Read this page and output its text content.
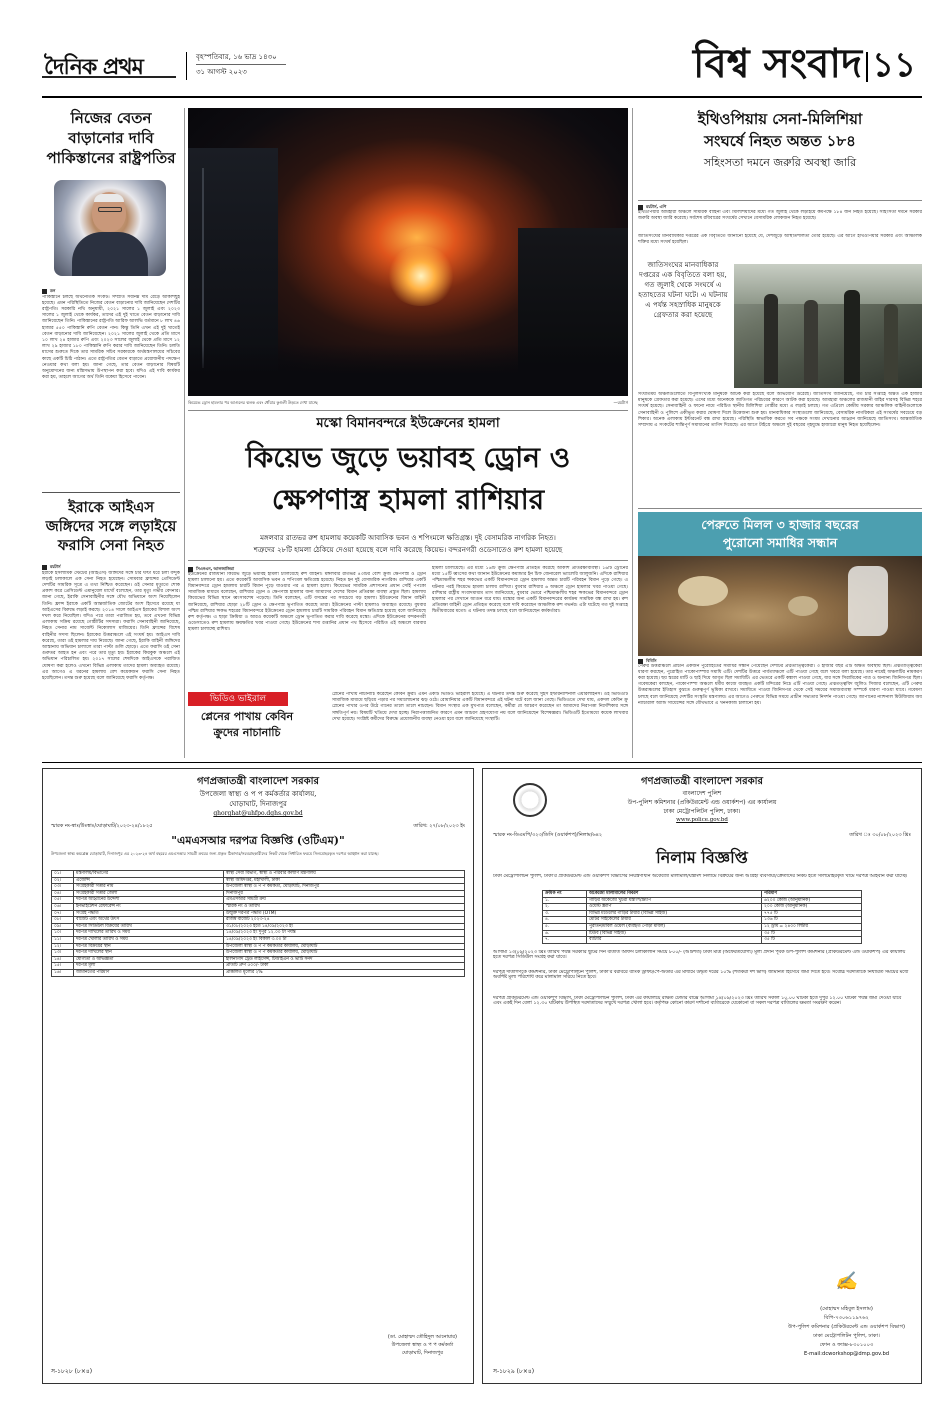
দৈনিক প্রথম	বৃহস্পতিবার, ১৬ ভাদ্র ১৪৩০
৩১ আগস্ট ২০২৩	বিশ্ব সংবাদ ১১
নিজের বেতন বাড়ানোর দাবি পাকিস্তানের রাষ্ট্রপতির
ডন
পাকিস্তানে চলছে অর্থনৈতিক সংকট। সম্প্রতি সর্বনিম্ন দাম রেড়ে আকাশছুঁই হয়েছে। এমন পরিস্থিতিতে নিজের বেতন বাড়ানোর দাবি জানিয়েছেন দেশটির রাষ্ট্রপতি। সরকারি নথি অনুযায়ী, ২০২১ সালের ১ জুলাই এবং ২০২৩ সালের ১ জুলাই থেকে কার্যকর, তাদের এই দুই খাতে বেতন বাড়ানোর দাবি জানিয়েছেন তিনি। পাকিস্তানের রাষ্ট্রপতি আরিফ আলভি বর্তমানে ৮ লাখ ৪৬ হাজার ৫৫০ পাকিস্তানি রুপি বেতন পান। কিন্তু তিনি এখন এই দুই খাতেই বেতন বাড়ানোর দাবি জানিয়েছেন। ২০২১ সালের জুলাই থেকে প্রতি মাসে ১০ লাখ ২৪ হাজার রুপি এবং ২০২৩ সালের জুলাই থেকে প্রতি মাসে ১২ লাখ ২৯ হাজার ১৮০ পাকিস্তানি রুপি করার দাবি জানিয়েছেন তিনি। চলতি মাসের শুরুতে দিকে তার সামরিক সচিব সরকারকে অর্থমন্ত্রণালয়ের সচিবের কাছে একটি চিঠি পাঠান। এতে রাষ্ট্রপতির বেতন বাড়াতে প্রয়োজনীয় পদক্ষেপ নেওয়ার কথা বলা হয়। জানা গেছে, তার বেতন বাড়ানোর বিষয়টি অনুমোদনের জন্য মন্ত্রিসভায় উপস্থাপন করা হবে। যদিও এই দাবি কার্যকর করা হয়, তাহলে আগের অর্থ তিনি বকেয়া হিসেবে পাবেন।
ইরাকে আইএস জঙ্গিদের সঙ্গে লড়াইয়ে ফরাসি সেনা নিহত
রয়টার্স
ইরাকে ইসলামিক স্টেটের (আইএস) জঙ্গিদের সঙ্গে চার ঘণ্টা ধরে চলা বন্দুক লড়াই চলাকালে এক সেনা নিহত হয়েছেন। সোমবার ফ্রান্সের প্রেসিডেন্ট দেশটির সামরিক সূত্রে এ তথ্য নিশ্চিত করেছেন। ওই সেনার মৃত্যুতে শোক প্রকাশ করে প্রেসিডেন্ট এমানুয়েল মাখোঁ বলেছেন, তার মৃত্যু গভীর বেদনার। জানা গেছে, ইরাকি সেনাবাহিনীর সঙ্গে যৌথ অভিযানে অংশ নিয়েছিলেন তিনি। ফ্রান্স ইরাকে একটি আন্তর্জাতিক জোটের অংশ হিসেবে রয়েছে যা আইএসের বিরুদ্ধে লড়াই করছে। ২০১৪ সালে আইএস ইরাকের বিশাল অংশ দখল করে নিয়েছিল। যদিও পরে তারা পরাজিত হয়, তবে এখনো বিভিন্ন এলাকায় সক্রিয় রয়েছে গোষ্ঠীটির সদস্যরা। ফরাসি সেনাবাহিনী জানিয়েছে, নিহত সেনার নাম সার্জেন্ট নিকোলাস মাজিয়ের। তিনি ফ্রান্সের বিশেষ বাহিনীর সদস্য ছিলেন। ইরাকের উত্তরাঞ্চলে এই সংঘর্ষ হয়। আইএস দাবি করেছে, তারা ওই হামলার দায় নিয়েছে। জানা গেছে, ইরাকি বাহিনী জঙ্গিদের আস্তানায় অভিযান চালালে তারা পাল্টা গুলি ছোড়ে। এতে ফরাসি ওই সেনা গুরুতর আহত হন এবং পরে তার মৃত্যু হয়। ইরাকের কিরকুক অঞ্চলে এই অভিযান পরিচালিত হয়। ২০১৭ সালের শেষদিকে আইএসকে পরাজিত ঘোষণা করা হলেও এখনো বিভিন্ন এলাকায় তাদের হামলা অব্যাহত রয়েছে। এর আগেও এ ধরনের হামলায় বেশ কয়েকজন ফরাসি সেনা নিহত হয়েছিলেন। তদন্ত শুরু হয়েছে বলে জানিয়েছে ফরাসি কর্তৃপক্ষ।
কিয়েভে ড্রোন হামলার পর আগুনের ঝলক এবং ধোঁয়ার কুণ্ডলী উড়তে দেখা যাচ্ছে	—রয়টার্স
মস্কো বিমানবন্দরে ইউক্রেনের হামলা
কিয়েভ জুড়ে ভয়াবহ ড্রোন ও
ক্ষেপণাস্ত্র হামলা রাশিয়ার
মঙ্গলবার রাতভর রুশ হামলায় কয়েকটি আবাসিক ভবন ও শপিংমলে ক্ষতিগ্রস্ত। দুই বেসামরিক নাগরিক নিহত।
শত্রুদের ২৮টি হামলা ঠেকিয়ে দেওয়া হয়েছে বলে দাবি করেছে কিয়েভ। বন্দরনগরী ওডেসাতেও রুশ হামলা হয়েছে
সিএনএন, আলজাজিরা
ইউক্রেনের রাজধানী কিয়েভ জুড়ে ভয়াবহ হামলা চালিয়েছে রুশ বাহিনী। মঙ্গলবার রাতভর ৪৩টির বেশি ক্রুজ ক্ষেপণাস্ত্র ও ড্রোন হামলা চালানো হয়। এতে কয়েকটি আবাসিক ভবন ও শপিংমল ক্ষতিগ্রস্ত হয়েছে। নিহত হন দুই বেসামরিক নাগরিক। রাশিয়ার একটি বিমানবন্দরে ড্রোন হামলায় চারটি বিমান পুড়ে যাওয়ার পর এ হামলা হলো। কিয়েভের সামরিক প্রশাসনের প্রধান সের্হি পপকো সামাজিক মাধ্যমে বলেছেন, রাশিয়ার ড্রোন ও ক্ষেপণাস্ত্র হামলার জন্য আমাদের দেশের বিমান প্রতিরক্ষা ব্যবস্থা প্রস্তুত ছিল। হামলায় কিয়েভের বিভিন্ন স্থানে ধ্বংসাবশেষ পড়েছে। তিনি বলেছেন, এটি বসন্তের পর সবচেয়ে বড় হামলা। ইউক্রেনের বিমান বাহিনী জানিয়েছে, রাশিয়ার ছোড়া ২৮টি ড্রোন ও ক্ষেপণাস্ত্র ভূপাতিত করেছে তারা। ইউক্রেনের পাল্টা হামলাও অব্যাহত রয়েছে। বুধবার পশ্চিম রাশিয়ার প্সকভ শহরের বিমানবন্দরে ইউক্রেনের ড্রোন হামলায় চারটি সামরিক পরিবহন বিমান ক্ষতিগ্রস্ত হয়েছে বলে জানিয়েছে রুশ কর্তৃপক্ষ। এ ছাড়া ক্রিমিয়া ও আরও কয়েকটি অঞ্চলে ড্রোন ভূপাতিত করার দাবি করেছে মস্কো। এদিকে ইউক্রেনের বন্দরনগরী ওডেসাতেও রুশ হামলায় ক্ষয়ক্ষতির খবর পাওয়া গেছে। ইউক্রেনের শস্য রপ্তানির প্রধান পথ হিসেবে পরিচিত এই অঞ্চলে বারবার হামলা চালাচ্ছে রাশিয়া।
হামলা চালিয়েছে। এর মধ্যে ১৬টি ক্রুজ ক্ষেপণাস্ত্র প্রতিহত করেছে আকাশ প্রতিরক্ষাব্যবস্থা। ১৬টি ড্রোনের মধ্যে ১৫টি ধ্বংসের কথা জানান ইউক্রেনের কমান্ডার ইন চিফ জেনারেল ভ্যালেরি জালুজনি। এদিকে রাশিয়ার পশ্চিমাঞ্চলীয় শহর প্সকভের একটি বিমানবন্দরে ড্রোন হামলায় অন্তত চারটি পরিবহন বিমান পুড়ে গেছে। এ ঘটনার পরই কিয়েভে হামলা চালায় রাশিয়া। বুধবার রাশিয়ার ৬ অঞ্চলে ড্রোন হামলার খবর পাওয়া গেছে। রাশিয়ার রাষ্ট্রীয় সংবাদমাধ্যম তাস জানিয়েছে, বুধবার ভোরে পশ্চিমাঞ্চলীয় শহর প্সকভের বিমানবন্দরে ড্রোন হামলার পর সেখানে আগুন ধরে যায়। মস্কোর অন্য একটি বিমানবন্দরের কার্যক্রম সাময়িক বন্ধ রাখা হয়। রুশ প্রতিরক্ষা বাহিনী ড্রোন প্রতিহত করেছে বলে দাবি করেছেন আঞ্চলিক রুশ গভর্নর। এটা ঘটেছে গত দুই সপ্তাহে দ্বিতীয়বারের মতো। এ ঘটনায় তদন্ত চলছে বলে জানিয়েছেন কর্মকর্তারা।
ভিডিও ভাইরাল
প্লেনের পাখায় কেবিন ক্রুদের নাচানাচি
প্লেনের পাখায় নাচানাচি করেছেন কেবিন ক্রুরা। এমন একটি ভিডিও ভাইরাল হয়েছে। এ ঘটনার তদন্ত শুরু করেছে সুইস ইন্টারন্যাশনাল এয়ারলাইনস। ওই ভিডিওটি সামাজিক মাধ্যমে ছড়িয়ে পড়ার পর সমালোচনার ঝড় ওঠে। রোমানিয়ার একটি বিমানবন্দরে এই ঘটনা ঘটে বলে জানা গেছে। ভিডিওতে দেখা যায়, একদল কেবিন ক্রু প্লেনের পাখার ওপর উঠে গানের তালে তালে নাচছেন। বিমান সংস্থার এক মুখপাত্র বলেছেন, কর্মীরা যে আচরণ করেছেন তা আমাদের নিরাপত্তা নির্দেশিকার সঙ্গে সঙ্গতিপূর্ণ নয়। বিষয়টি খতিয়ে দেখা হচ্ছে। নিরাপত্তাজনিত কারণে এমন আচরণ গ্রহণযোগ্য নয় বলে জানিয়েছেন বিশেষজ্ঞরা। ভিডিওটি ইতোমধ্যে কয়েক লাখবার দেখা হয়েছে। সংশ্লিষ্ট কর্মীদের বিরুদ্ধে প্রয়োজনীয় ব্যবস্থা নেওয়া হবে বলে জানিয়েছে সংস্থাটি।
ইথিওপিয়ায় সেনা-মিলিশিয়া
সংঘর্ষে নিহত অন্তত ১৮৪
সহিংসতা দমনে জরুরি অবস্থা জারি
রয়টার্স, এপি
ইথিওপিয়ার আমহারা অঞ্চলে সামরিক বাহিনী এবং মিলিশিয়াদের মধ্যে গত জুলাই থেকে লড়াইয়ে কমপক্ষে ১৮৪ জন নিহত হয়েছে। সহিংসতা দমনে সরকার জরুরি অবস্থা জারি করেছে। সর্বশেষ রবিবারের সংঘর্ষের সেখানে বেসামরিক লোকজন নিহত হয়েছে।
জাতিসংঘের মানবাধিকার দপ্তরের এক বিবৃতিতে জানানো হয়েছে যে, দেশজুড়ে অস্থিতিশীলতা তৈরি হয়েছে। এর আগে ইথিওপিয়ার সরকার এবং আঞ্চলিক শক্তির মধ্যে সংঘর্ষ হয়েছিল।
জাতিসংঘের মানবাধিকার দপ্তরের এক বিবৃতিতে বলা হয়, গত জুলাই থেকে সংঘর্ষে এ হতাহতের ঘটনা ঘটে। এ ঘটনায় এ পর্যন্ত সহস্রাধিক মানুষকে গ্রেফতার করা হয়েছে
সংঘাতময় অঞ্চলগুলোতে বিপুলসংখ্যক মানুষকে আটক করা হয়েছে বলে অভিযোগ উঠেছে। জাতিসংঘ জানিয়েছে, গত চার সপ্তাহে অন্তত এক হাজার মানুষকে গ্রেফতার করা হয়েছে। এদের মধ্যে অনেককে জাতিগত পরিচয়ের কারণে আটক করা হয়েছে। আমহারা অঞ্চলের রাজধানী বাহির দারসহ বিভিন্ন শহরে সংঘর্ষ হয়েছে। সেনাবাহিনী ও ফানো নামে পরিচিত স্থানীয় মিলিশিয়া গোষ্ঠীর মধ্যে এ লড়াই চলছে। গত এপ্রিলে কেন্দ্রীয় সরকার আঞ্চলিক বাহিনীগুলোকে সেনাবাহিনী ও পুলিশে একীভূত করার ঘোষণা দিলে উত্তেজনা শুরু হয়। মানবাধিকার সংস্থাগুলো জানিয়েছে, বেসামরিক নাগরিকরা এই সংঘর্ষের সবচেয়ে বড় শিকার। অনেক এলাকায় ইন্টারনেট বন্ধ রাখা হয়েছে। পরিস্থিতি স্বাভাবিক করতে সব পক্ষকে সংযম দেখানোর আহ্বান জানিয়েছে জাতিসংঘ। আন্তর্জাতিক সম্প্রদায় এ সংকটের শান্তিপূর্ণ সমাধানের তাগিদ দিয়েছে। এর আগে টাইগ্রে অঞ্চলে দুই বছরের গৃহযুদ্ধে হাজারো মানুষ নিহত হয়েছিলেন।
পেরুতে মিলল ৩ হাজার বছরের
পুরোনো সমাধির সন্ধান
বিবিসি
পেরুর উত্তরাঞ্চলে প্রাচীন একজন পুরোহিতের সমাধির সন্ধান পেয়েছেন দেশটির প্রত্নতাত্ত্বিকেরা। ৩ হাজার বছর এটি অক্ষত অবস্থায় ছিল। প্রত্নতাত্ত্বিকেরা ধারণা করছেন, পুরোহিত পাকোপাম্পার সমাধি এটি। দেশটির উত্তরে পার্বত্যাঞ্চলে এটি পাওয়া গেছে বলে খবরে বলা হয়েছে। তার নামেই অঞ্চলটির নামকরণ করা হয়েছে। ছয় স্তরের মাটি ও ছাই দিয়ে আবৃত ছিল সমাধিটি। এর ভেতরে একটি কঙ্কাল পাওয়া গেছে, যার সঙ্গে সিরামিকের পাত্র ও অন্যান্য জিনিসপত্র ছিল। গবেষকেরা বলছেন, পাকোপাম্পা অঞ্চলে ধর্মীয় কাজে ব্যবহৃত একটি মন্দিরের নিচে এটি পাওয়া গেছে। প্রত্নতত্ত্ববিদ জুলিও সিজার বলেছেন, এটি পেরুর উত্তরাঞ্চলের ইতিহাস বুঝতে গুরুত্বপূর্ণ ভূমিকা রাখবে। সমাধিতে পাওয়া জিনিসপত্র থেকে সেই সময়ের সমাজব্যবস্থা সম্পর্কে ধারণা পাওয়া যাবে। গবেষণা চলছে বলে জানিয়েছে দেশটির সংস্কৃতি মন্ত্রণালয়। এর আগেও পেরুতে বিভিন্ন সময়ে প্রাচীন সভ্যতার নিদর্শন পাওয়া গেছে। জাপানের ন্যাশনাল মিউজিয়াম অব ন্যাচারাল অ্যান্ড সায়েন্সের সঙ্গে যৌথভাবে এ খননকাজ চালানো হয়।
গণপ্রজাতন্ত্রী বাংলাদেশ সরকার
উপজেলা স্বাস্থ্য ও প প কর্মকর্তার কার্যালয়,
ঘোড়াঘাট, দিনাজপুর
ghorghat@uhfpo.dghs.gov.bd
স্মারক নং-স্বাঃ/উঃস্বাঃ/ঘোড়াঘাট/২০২৩-২৪/১৮২৫	তারিখ: ২৭/০৮/২০২৩ ইং
"এমএসআর দরপত্র বিজ্ঞপ্তি (ওটিএম)"
উপজেলা স্বাস্থ্য কমপ্লেক্স ঘোড়াঘাট, দিনাজপুর এর ২০২৩-২৪ অর্থ বছরের এমএসআর সামগ্রী ক্রয়ের জন্য প্রকৃত ঠিকাদার/সরবরাহকারীদের নিকট থেকে নির্ধারিত ফরমে সিলমোহরকৃত দরপত্র আহ্বান করা যাচ্ছে।
০১।	মন্ত্রণালয়/বিভাগের	স্বাস্থ্য সেবা বিভাগ, স্বাস্থ্য ও পরিবার কল্যাণ মন্ত্রণালয়
০২।	এজেন্সি	স্বাস্থ্য অধিদপ্তর, মহাখালী, ঢাকা
০৩।	সংগ্রহকারী সত্তার নাম	উপজেলা স্বাস্থ্য ও প প কর্মকর্তা, ঘোড়াঘাট, দিনাজপুর
০৪।	সংগ্রহকারী সত্তার জেলা	দিনাজপুর
০৫।	দরপত্র আহ্বানের উদ্দেশ্য	এমএসআর সামগ্রী ক্রয়
০৬।	ইনভাইটেশন রেফারেন্স নং	স্মারক নং ও তারিখ
০৭।	সংগ্রহ পদ্ধতি	উন্মুক্ত দরপত্র পদ্ধতি (OTM)
০৮।	বাজেট এবং অর্থের উৎস	রাজস্ব বাজেট ২০২৩-২৪
০৯।	দরপত্র সিডিউল বিক্রয়ের তারিখ	৩১/০৮/২০২৩ হতে ১৪/০৯/২০২৩ ইং
১০।	দরপত্র দাখিলের তারিখ ও সময়	১৪/০৯/২০২৩ ইং দুপুর ১২.০০ টা পর্যন্ত
১১।	দরপত্র খোলার তারিখ ও সময়	১৪/০৯/২০২৩ ইং বিকাল ৩.০০ টা
১২।	দরপত্র বিক্রয়ের স্থান	উপজেলা স্বাস্থ্য ও প প কর্মকর্তার কার্যালয়, ঘোড়াঘাট
১৩।	দরপত্র দাখিলের স্থান	উপজেলা স্বাস্থ্য ও প প কর্মকর্তার কার্যালয়, ঘোড়াঘাট
১৪।	যোগ্যতা ও অভিজ্ঞতা	হালনাগাদ ট্রেড লাইসেন্স, টিআইএন ও ভ্যাট সনদ
১৫।	দরপত্র মূল্য	প্রতিটি গ্রুপ ৫০০/- টাকা
১৬।	জামানতের পরিমাণ	প্রাক্কলিত মূল্যের ২%
(ডা. মোহাম্মদ তৌহিদুল আনোয়ার)
উপজেলা স্বাস্থ্য ও প প কর্মকর্তা
ঘোড়াঘাট, দিনাজপুর
স-১৮২৮ (৮×৪)
গণপ্রজাতন্ত্রী বাংলাদেশ সরকার
বাংলাদেশ পুলিশ
উপ-পুলিশ কমিশনার (প্রকিউরমেন্ট এন্ড ওয়ার্কশপ) এর কার্যালয়
ঢাকা মেট্রোপলিটন পুলিশ, ঢাকা।
www.police.gov.bd
স্মারক নং-ডিএমপি/৩২৩/ডিসি (ওয়ার্কশপ)/নিলাম/৬৪২	তারিখ ঃ ৩০/০৮/২০২৩ খ্রিঃ
নিলাম বিজ্ঞপ্তি
ঢাকা মেট্রোপলিটন পুলিশ, ঢাকা'র প্রকিউরমেন্ট এন্ড ওয়ার্কশপ বিভাগের নিয়ন্ত্রণাধীন অকেজো মালামাল/যন্ত্রাংশ নিলামে বিক্রয়ের জন্য আগ্রহী ব্যবসায়ী/ক্রেতাদের নিকট হতে সীলমোহরকৃত খামে দরপত্র আহবান করা যাচ্ছে।
ক্রমিক নং	অকেজো মালামালের বিবরণ	পরিমাণ
১.	গাড়ির অকেজো খুচরা যন্ত্রাংশ/স্ক্র্যাপ	৬২০০ কেজি (আনুমানিক)
২.	ওয়েস্ট স্ক্র্যাপ	২০০ কেজি (আনুমানিক)
৩.	বিভিন্ন মডেলের গাড়ির টায়ার (বিভিন্ন সাইজ)	৭৭৫ টি
৪.	মোটর সাইকেলের টায়ার	১৩৬ টি
৫.	পুরাতন/মবিল ওয়েল (ব্যবহৃত পোড়া মবিল)	১২ ড্রাম = ২৪০০ লিটার
৬.	টিউব (বিভিন্ন সাইজ)	৩৫ টি
৭.	ব্যাটারি	৩৫ টি
আগামী ১৩/০৯/২০২৩ খ্রিঃ তারিখ পর্যন্ত সরকারি ছুটির দিন ব্যতীত অফিস চলাকালীন সময়ে ৮০০/- (আটশত) টাকা মাত্র (অফেরতযোগ্য) মূল্য প্রদান পূর্বক উপ-পুলিশ কমিশনার (প্রকিউরমেন্ট এন্ড ওয়ার্কশপ) এর কার্যালয় হতে দরপত্র সিডিউল সংগ্রহ করা যাবে।
দরপত্র দাতাগণকে কমিশনার, ঢাকা মেট্রোপলিটন পুলিশ, ঢাকা'র বরাবরে ব্যাংক ড্রাফট/পে-অর্ডার এর মাধ্যমে উদ্ধৃত দরের ১০% (শতকরা দশ ভাগ) জামানত হিসেবে জমা দিতে হবে। সর্বোচ্চ দরদাতাকে নির্ধারিত সময়ের মধ্যে অবশিষ্ট মূল্য পরিশোধ করে মালামাল সরিয়ে নিতে হবে।
দরপত্র প্রকিউরমেন্ট এন্ড ওয়ার্কশপ বিভাগ, ঢাকা মেট্রোপলিটন পুলিশ, ঢাকা এর কার্যালয়ে রক্ষিত টেন্ডার বাক্সে আগামী ১৪/০৯/২০২৩ খ্রিঃ তারিখ সকাল ১০.০০ ঘটিকা হতে দুপুর ১২.০০ ঘটিকা পর্যন্ত জমা দেওয়া যাবে এবং একই দিন বেলা ১২.৩০ ঘটিকায় উপস্থিত দরদাতাদের সম্মুখে দরপত্র খোলা হবে। কর্তৃপক্ষ কোনো কারণ দর্শানো ব্যতিরেকে যেকোনো বা সকল দরপত্র বাতিলের ক্ষমতা সংরক্ষণ করেন।
✍
(মোহাম্মদ মহিবুল ইসলাম)
বিপি-৭৩০৬১১৯৭৬২
উপ-পুলিশ কমিশনার (প্রকিউরমেন্ট এন্ড ওয়ার্কশপ বিভাগ)
ঢাকা মেট্রোপলিটন পুলিশ, ঢাকা।
ফোন ও ফ্যাক্স-৮৩০১০০৩
E-mail:dcworkshop@dmp.gov.bd
স-১৮২৯ (৮×৪)
